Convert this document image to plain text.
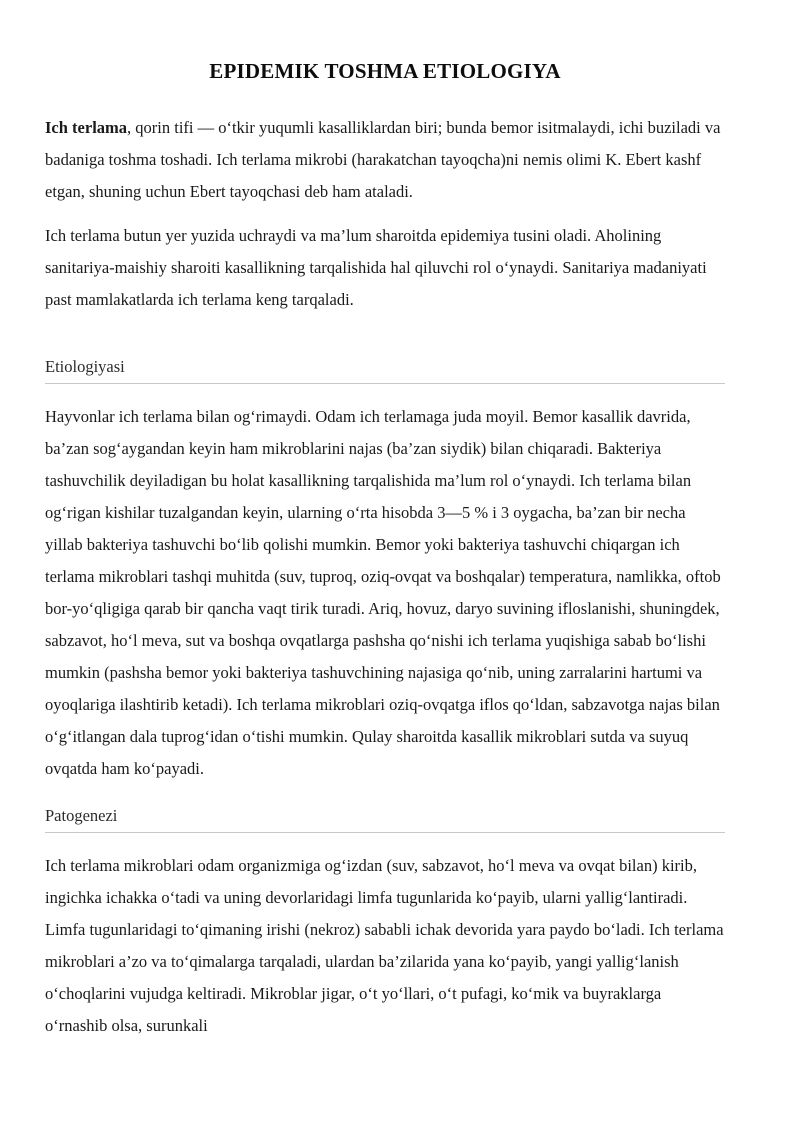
EPIDEMIK TOSHMA ETIOLOGIYA

Ich terlama, qorin tifi — o‘tkir yuqumli kasalliklardan biri; bunda bemor isitmalaydi, ichi buziladi va badaniga toshma toshadi. Ich terlama mikrobi (harakatchan tayoqcha)ni nemis olimi K. Ebert kashf etgan, shuning uchun Ebert tayoqchasi deb ham ataladi.

Ich terlama butun yer yuzida uchraydi va ma’lum sharoitda epidemiya tusini oladi. Aholining sanitariya-maishiy sharoiti kasallikning tarqalishida hal qiluvchi rol o‘ynaydi. Sanitariya madaniyati past mamlakatlarda ich terlama keng tarqaladi.

Etiologiyasi

Hayvonlar ich terlama bilan og‘rimaydi. Odam ich terlamaga juda moyil. Bemor kasallik davrida, ba’zan sog‘aygandan keyin ham mikroblarini najas (ba’zan siydik) bilan chiqaradi. Bakteriya tashuvchilik deyiladigan bu holat kasallikning tarqalishida ma’lum rol o‘ynaydi. Ich terlama bilan og‘rigan kishilar tuzalgandan keyin, ularning o‘rta hisobda 3—5 % i 3 oygacha, ba’zan bir necha yillab bakteriya tashuvchi bo‘lib qolishi mumkin. Bemor yoki bakteriya tashuvchi chiqargan ich terlama mikroblari tashqi muhitda (suv, tuproq, oziq-ovqat va boshqalar) temperatura, namlikka, oftob bor-yo‘qligiga qarab bir qancha vaqt tirik turadi. Ariq, hovuz, daryo suvining ifloslanishi, shuningdek, sabzavot, ho‘l meva, sut va boshqa ovqatlarga pashsha qo‘nishi ich terlama yuqishiga sabab bo‘lishi mumkin (pashsha bemor yoki bakteriya tashuvchining najasiga qo‘nib, uning zarralarini hartumi va oyoqlariga ilashtirib ketadi). Ich terlama mikroblari oziq-ovqatga iflos qo‘ldan, sabzavotga najas bilan o‘g‘itlangan dala tuprog‘idan o‘tishi mumkin. Qulay sharoitda kasallik mikroblari sutda va suyuq ovqatda ham ko‘payadi.

Patogenezi

Ich terlama mikroblari odam organizmiga og‘izdan (suv, sabzavot, ho‘l meva va ovqat bilan) kirib, ingichka ichakka o‘tadi va uning devorlaridagi limfa tugunlarida ko‘payib, ularni yallig‘lantiradi. Limfa tugunlaridagi to‘qimaning irishi (nekroz) sababli ichak devorida yara paydo bo‘ladi. Ich terlama mikroblari a’zo va to‘qimalarga tarqaladi, ulardan ba’zilarida yana ko‘payib, yangi yallig‘lanish o‘choqlarini vujudga keltiradi. Mikroblar jigar, o‘t yo‘llari, o‘t pufagi, ko‘mik va buyraklarga o‘rnashib olsa, surunkali
